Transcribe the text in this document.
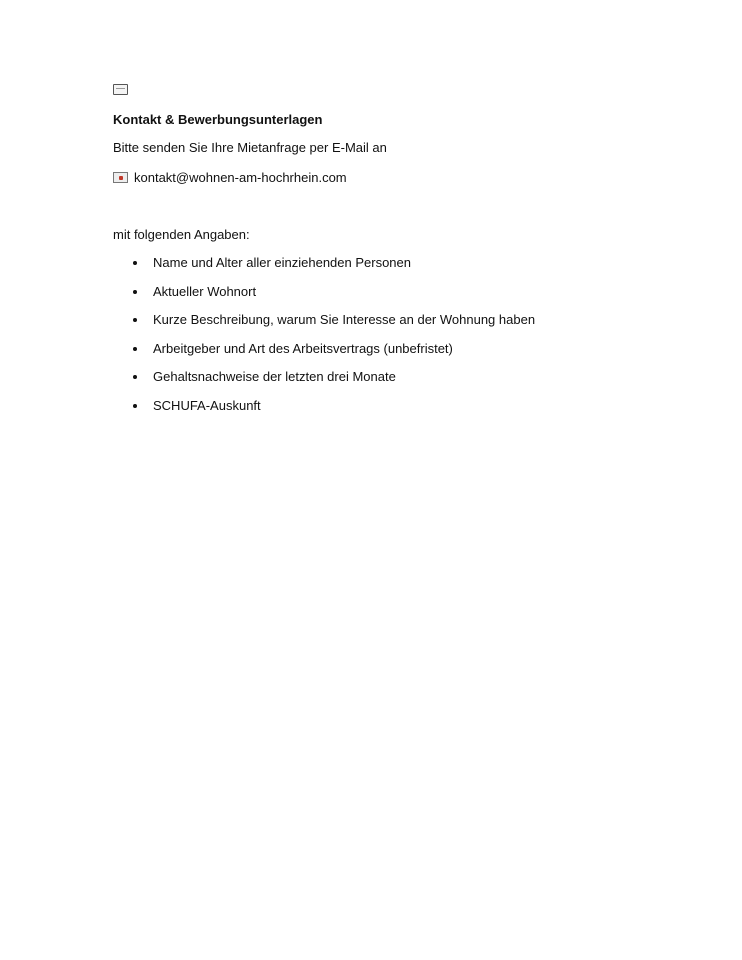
Kontakt & Bewerbungsunterlagen
Bitte senden Sie Ihre Mietanfrage per E-Mail an
kontakt@wohnen-am-hochrhein.com
mit folgenden Angaben:
Name und Alter aller einziehenden Personen
Aktueller Wohnort
Kurze Beschreibung, warum Sie Interesse an der Wohnung haben
Arbeitgeber und Art des Arbeitsvertrags (unbefristet)
Gehaltsnachweise der letzten drei Monate
SCHUFA-Auskunft
